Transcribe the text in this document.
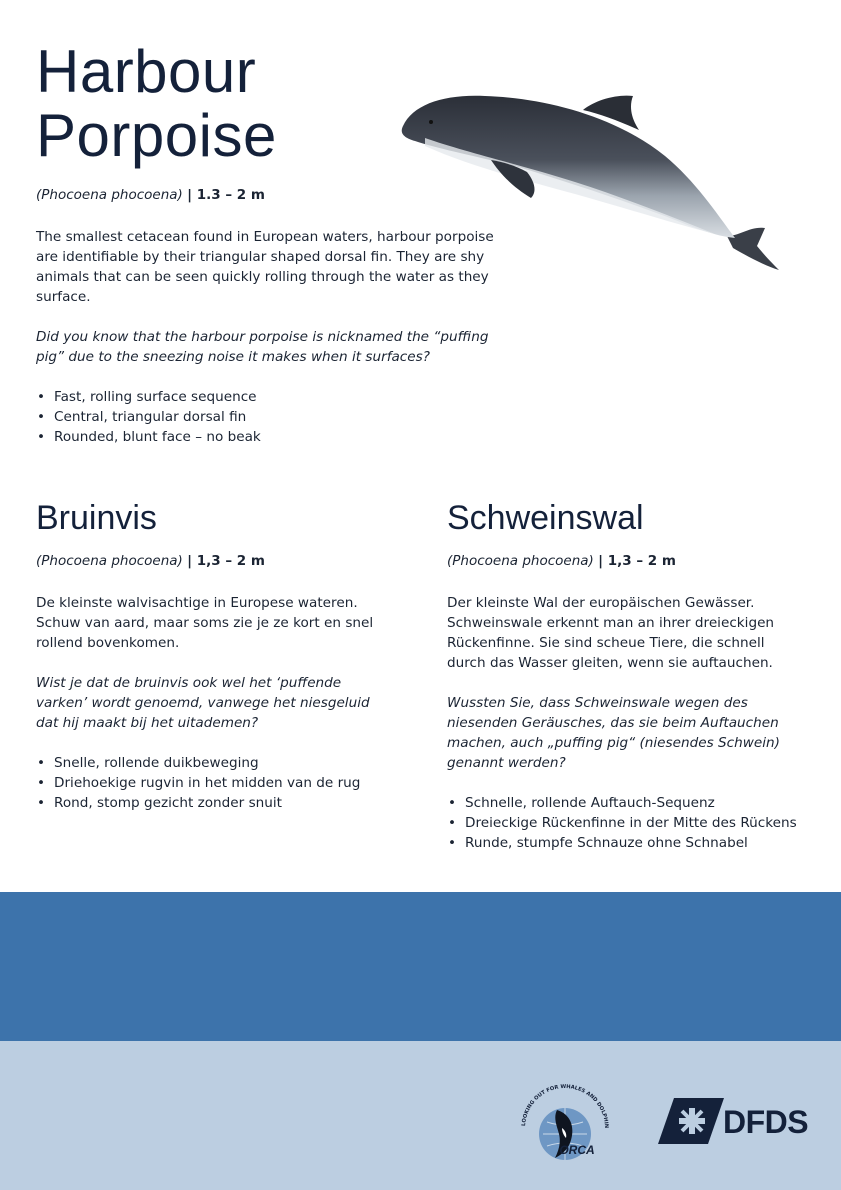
Harbour
Porpoise
(Phocoena phocoena) | 1.3 – 2 m

The smallest cetacean found in European waters, harbour porpoise are identifiable by their triangular shaped dorsal fin. They are shy animals that can be seen quickly rolling through the water as they surface.

Did you know that the harbour porpoise is nicknamed the “puffing pig” due to the sneezing noise it makes when it surfaces?

• Fast, rolling surface sequence
• Central, triangular dorsal fin
• Rounded, blunt face – no beak
Bruinvis
(Phocoena phocoena) | 1,3 – 2 m

De kleinste walvisachtige in Europese wateren. Schuw van aard, maar soms zie je ze kort en snel rollend bovenkomen.

Wist je dat de bruinvis ook wel het ‘puffende varken’ wordt genoemd, vanwege het niesgeluid dat hij maakt bij het uitademen?

• Snelle, rollende duikbeweging
• Driehoekige rugvin in het midden van de rug
• Rond, stomp gezicht zonder snuit
Schweinswal
(Phocoena phocoena) | 1,3 – 2 m

Der kleinste Wal der europäischen Gewässer. Schweinswale erkennt man an ihrer dreieckigen Rückenfinne. Sie sind scheue Tiere, die schnell durch das Wasser gleiten, wenn sie auftauchen.

Wussten Sie, dass Schweinswale wegen des niesenden Geräusches, das sie beim Auftauchen machen, auch „puffing pig“ (niesendes Schwein) genannt werden?

• Schnelle, rollende Auftauch-Sequenz
• Dreieckige Rückenfinne in der Mitte des Rückens
• Runde, stumpfe Schnauze ohne Schnabel
LOOKING OUT FOR WHALES AND DOLPHIN
ORCA
DFDS
